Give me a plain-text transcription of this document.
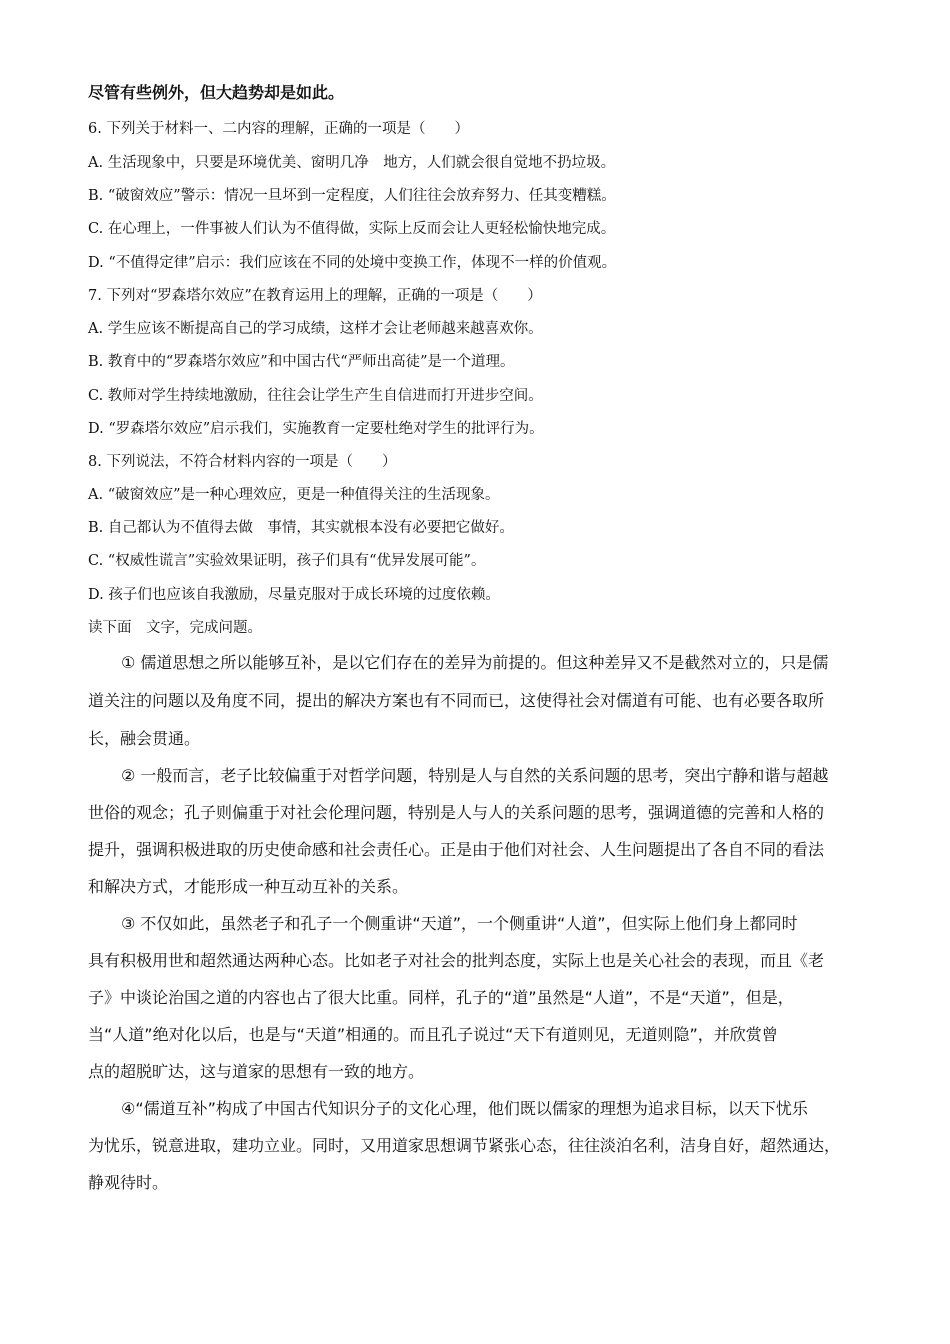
尽管有些例外，但大趋势却是如此。
6. 下列关于材料一、二内容的理解，正确的一项是（　　）
A. 生活现象中，只要是环境优美、窗明几净　地方，人们就会很自觉地不扔垃圾。
B. “破窗效应”警示：情况一旦坏到一定程度，人们往往会放弃努力、任其变糟糕。
C. 在心理上，一件事被人们认为不值得做，实际上反而会让人更轻松愉快地完成。
D. “不值得定律”启示：我们应该在不同的处境中变换工作，体现不一样的价值观。
7. 下列对“罗森塔尔效应”在教育运用上的理解，正确的一项是（　　）
A. 学生应该不断提高自己的学习成绩，这样才会让老师越来越喜欢你。
B. 教育中的“罗森塔尔效应”和中国古代“严师出高徒”是一个道理。
C. 教师对学生持续地激励，往往会让学生产生自信进而打开进步空间。
D. “罗森塔尔效应”启示我们，实施教育一定要杜绝对学生的批评行为。
8. 下列说法，不符合材料内容的一项是（　　）
A. “破窗效应”是一种心理效应，更是一种值得关注的生活现象。
B. 自己都认为不值得去做　事情，其实就根本没有必要把它做好。
C. “权威性谎言”实验效果证明，孩子们具有“优异发展可能”。
D. 孩子们也应该自我激励，尽量克服对于成长环境的过度依赖。
读下面　文字，完成问题。
① 儒道思想之所以能够互补，是以它们存在的差异为前提的。但这种差异又不是截然对立的，只是儒
道关注的问题以及角度不同，提出的解决方案也有不同而已，这使得社会对儒道有可能、也有必要各取所
长，融会贯通。
② 一般而言，老子比较偏重于对哲学问题，特别是人与自然的关系问题的思考，突出宁静和谐与超越
世俗的观念；孔子则偏重于对社会伦理问题，特别是人与人的关系问题的思考，强调道德的完善和人格的
提升，强调积极进取的历史使命感和社会责任心。正是由于他们对社会、人生问题提出了各自不同的看法
和解决方式，才能形成一种互动互补的关系。
③ 不仅如此，虽然老子和孔子一个侧重讲“天道”，一个侧重讲“人道”，但实际上他们身上都同时
具有积极用世和超然通达两种心态。比如老子对社会的批判态度，实际上也是关心社会的表现，而且《老
子》中谈论治国之道的内容也占了很大比重。同样，孔子的“道”虽然是“人道”，不是“天道”，但是，
当“人道”绝对化以后，也是与“天道”相通的。而且孔子说过“天下有道则见，无道则隐”，并欣赏曾
点的超脱旷达，这与道家的思想有一致的地方。
④“儒道互补”构成了中国古代知识分子的文化心理，他们既以儒家的理想为追求目标，以天下忧乐
为忧乐，锐意进取，建功立业。同时，又用道家思想调节紧张心态，往往淡泊名利，洁身自好，超然通达，
静观待时。
